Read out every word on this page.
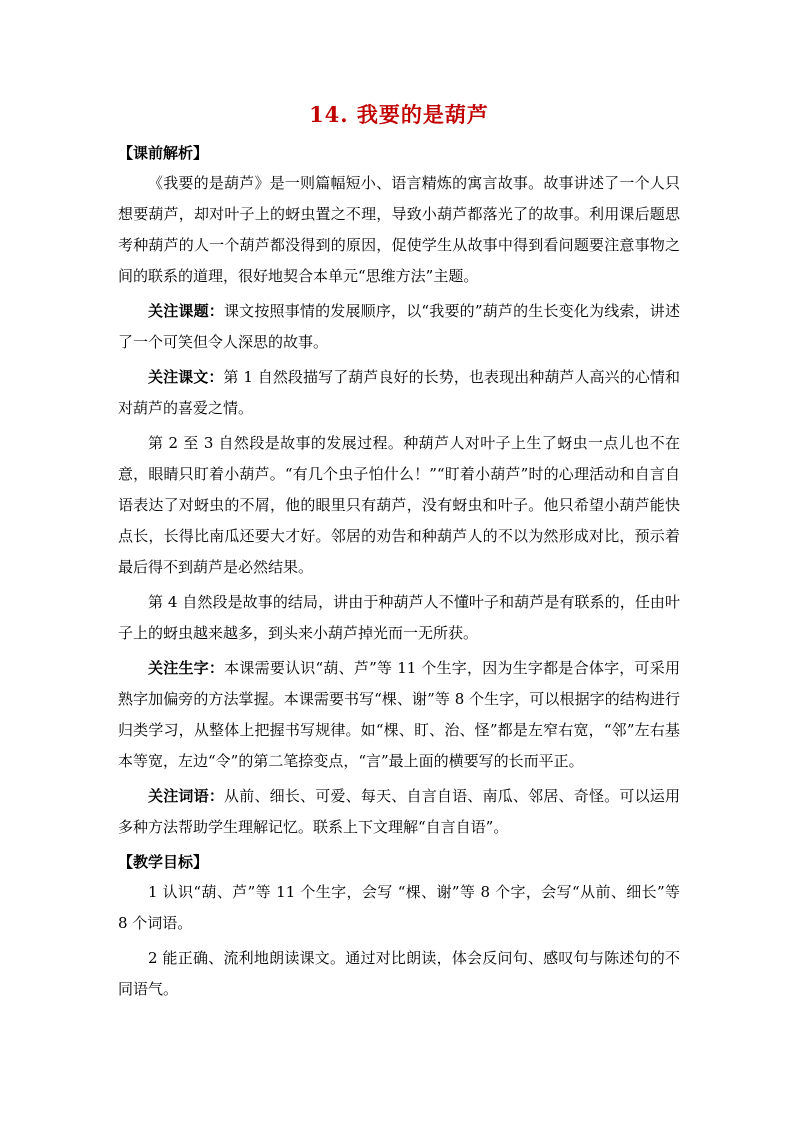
14. 我要的是葫芦

【课前解析】

《我要的是葫芦》是一则篇幅短小、语言精炼的寓言故事。故事讲述了一个人只想要葫芦，却对叶子上的蚜虫置之不理，导致小葫芦都落光了的故事。利用课后题思考种葫芦的人一个葫芦都没得到的原因，促使学生从故事中得到看问题要注意事物之间的联系的道理，很好地契合本单元“思维方法”主题。

关注课题：课文按照事情的发展顺序，以“我要的”葫芦的生长变化为线索，讲述了一个可笑但令人深思的故事。

关注课文：第 1 自然段描写了葫芦良好的长势，也表现出种葫芦人高兴的心情和对葫芦的喜爱之情。

第 2 至 3 自然段是故事的发展过程。种葫芦人对叶子上生了蚜虫一点儿也不在意，眼睛只盯着小葫芦。“有几个虫子怕什么！”“盯着小葫芦”时的心理活动和自言自语表达了对蚜虫的不屑，他的眼里只有葫芦，没有蚜虫和叶子。他只希望小葫芦能快点长，长得比南瓜还要大才好。邻居的劝告和种葫芦人的不以为然形成对比，预示着最后得不到葫芦是必然结果。

第 4 自然段是故事的结局，讲由于种葫芦人不懂叶子和葫芦是有联系的，任由叶子上的蚜虫越来越多，到头来小葫芦掉光而一无所获。

关注生字：本课需要认识“葫、芦”等 11 个生字，因为生字都是合体字，可采用熟字加偏旁的方法掌握。本课需要书写“棵、谢”等 8 个生字，可以根据字的结构进行归类学习，从整体上把握书写规律。如“棵、盯、治、怪”都是左窄右宽，“邻”左右基本等宽，左边“令”的第二笔捺变点，“言”最上面的横要写的长而平正。

关注词语：从前、细长、可爱、每天、自言自语、南瓜、邻居、奇怪。可以运用多种方法帮助学生理解记忆。联系上下文理解“自言自语”。

【教学目标】

1 认识“葫、芦”等 11 个生字，会写 “棵、谢”等 8 个字，会写“从前、细长”等 8 个词语。

2 能正确、流利地朗读课文。通过对比朗读，体会反问句、感叹句与陈述句的不同语气。
